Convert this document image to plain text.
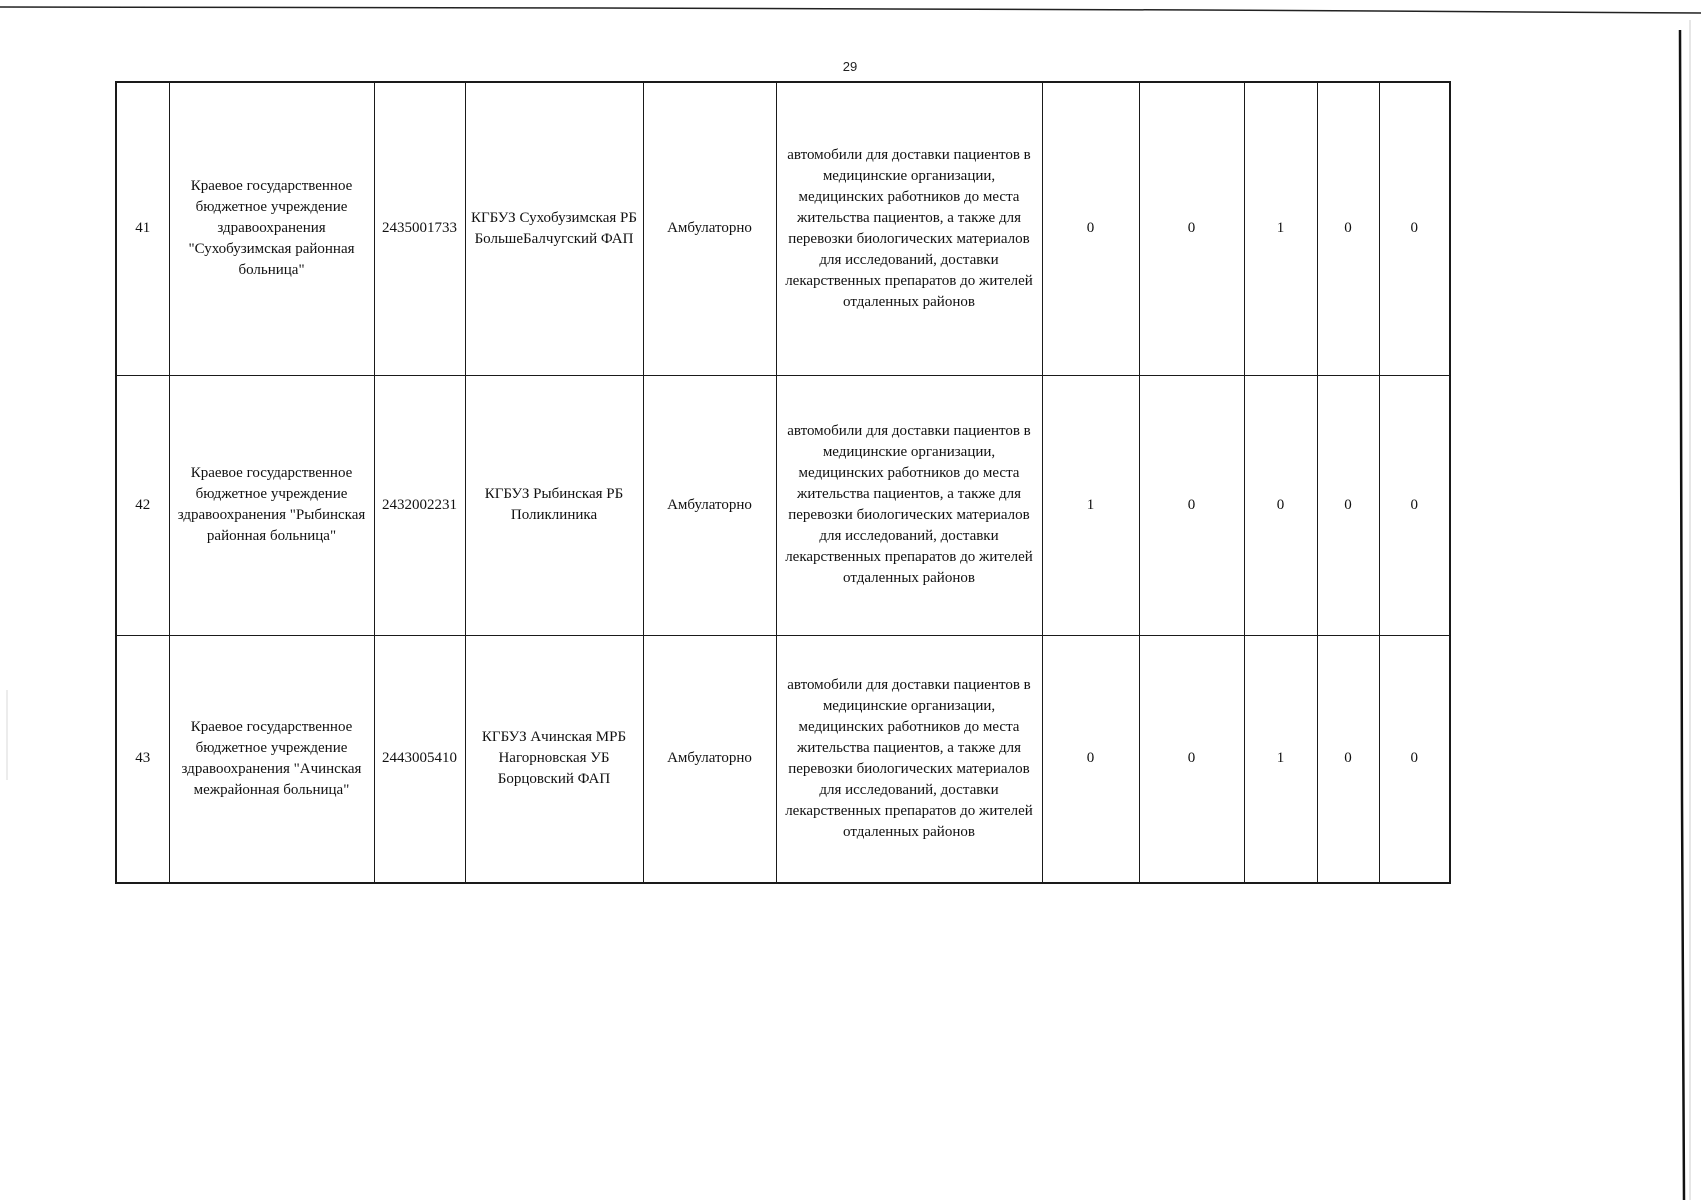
29
41	Краевое государственное бюджетное учреждение здравоохранения "Сухобузимская районная больница"	2435001733	КГБУЗ Сухобузимская РБ БольшеБалчугский ФАП	Амбулаторно	автомобили для доставки пациентов в медицинские организации, медицинских работников до места жительства пациентов, а также для перевозки биологических материалов для исследований, доставки лекарственных препаратов до жителей отдаленных районов	0	0	1	0	0
42	Краевое государственное бюджетное учреждение здравоохранения "Рыбинская районная больница"	2432002231	КГБУЗ Рыбинская РБ Поликлиника	Амбулаторно	автомобили для доставки пациентов в медицинские организации, медицинских работников до места жительства пациентов, а также для перевозки биологических материалов для исследований, доставки лекарственных препаратов до жителей отдаленных районов	1	0	0	0	0
43	Краевое государственное бюджетное учреждение здравоохранения "Ачинская межрайонная больница"	2443005410	КГБУЗ Ачинская МРБ Нагорновская УБ Борцовский ФАП	Амбулаторно	автомобили для доставки пациентов в медицинские организации, медицинских работников до места жительства пациентов, а также для перевозки биологических материалов для исследований, доставки лекарственных препаратов до жителей отдаленных районов	0	0	1	0	0
